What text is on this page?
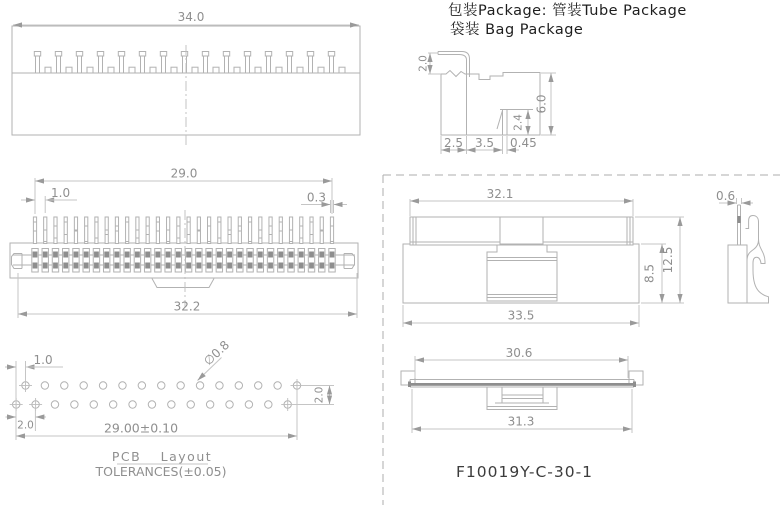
包装Package: 管装Tube Package
袋装 Bag Package
34.0
2.0
6.0
2.4
2.5 3.5 0.45
29.0
1.0	0.3
32.2
1.0	∅0.8
2.0
2.0
29.00±0.10
PCB Layout
TOLERANCES(±0.05)
32.1
8.5
12.5
33.5
0.6
30.6
31.3
F10019Y-C-30-1
